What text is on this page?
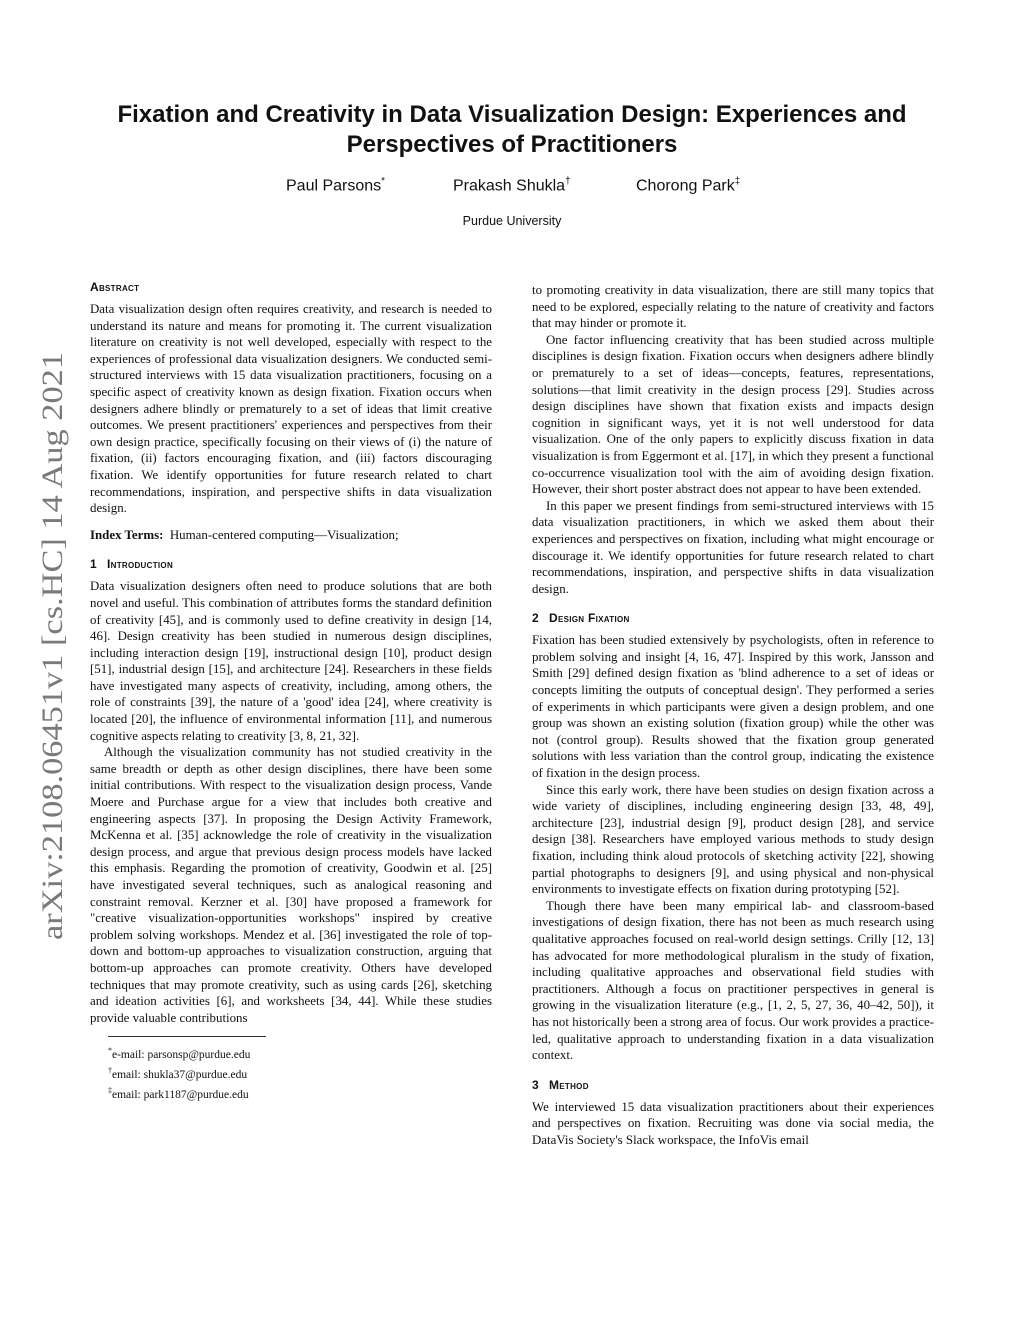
arXiv:2108.06451v1 [cs.HC] 14 Aug 2021
Fixation and Creativity in Data Visualization Design: Experiences and Perspectives of Practitioners
Paul Parsons*	Prakash Shukla†	Chorong Park‡
Purdue University
Abstract

Data visualization design often requires creativity, and research is needed to understand its nature and means for promoting it. The current visualization literature on creativity is not well developed, especially with respect to the experiences of professional data visualization designers. We conducted semi-structured interviews with 15 data visualization practitioners, focusing on a specific aspect of creativity known as design fixation. Fixation occurs when designers adhere blindly or prematurely to a set of ideas that limit creative outcomes. We present practitioners' experiences and perspectives from their own design practice, specifically focusing on their views of (i) the nature of fixation, (ii) factors encouraging fixation, and (iii) factors discouraging fixation. We identify opportunities for future research related to chart recommendations, inspiration, and perspective shifts in data visualization design.

Index Terms: Human-centered computing—Visualization;

1 Introduction

Data visualization designers often need to produce solutions that are both novel and useful. This combination of attributes forms the standard definition of creativity [45], and is commonly used to define creativity in design [14, 46]. Design creativity has been studied in numerous design disciplines, including interaction design [19], instructional design [10], product design [51], industrial design [15], and architecture [24]. Researchers in these fields have investigated many aspects of creativity, including, among others, the role of constraints [39], the nature of a 'good' idea [24], where creativity is located [20], the influence of environmental information [11], and numerous cognitive aspects relating to creativity [3, 8, 21, 32].

Although the visualization community has not studied creativity in the same breadth or depth as other design disciplines, there have been some initial contributions. With respect to the visualization design process, Vande Moere and Purchase argue for a view that includes both creative and engineering aspects [37]. In proposing the Design Activity Framework, McKenna et al. [35] acknowledge the role of creativity in the visualization design process, and argue that previous design process models have lacked this emphasis. Regarding the promotion of creativity, Goodwin et al. [25] have investigated several techniques, such as analogical reasoning and constraint removal. Kerzner et al. [30] have proposed a framework for "creative visualization-opportunities workshops" inspired by creative problem solving workshops. Mendez et al. [36] investigated the role of top-down and bottom-up approaches to visualization construction, arguing that bottom-up approaches can promote creativity. Others have developed techniques that may promote creativity, such as using cards [26], sketching and ideation activities [6], and worksheets [34, 44]. While these studies provide valuable contributions

*e-mail: parsonsp@purdue.edu
†email: shukla37@purdue.edu
‡email: park1187@purdue.edu

to promoting creativity in data visualization, there are still many topics that need to be explored, especially relating to the nature of creativity and factors that may hinder or promote it.

One factor influencing creativity that has been studied across multiple disciplines is design fixation. Fixation occurs when designers adhere blindly or prematurely to a set of ideas—concepts, features, representations, solutions—that limit creativity in the design process [29]. Studies across design disciplines have shown that fixation exists and impacts design cognition in significant ways, yet it is not well understood for data visualization. One of the only papers to explicitly discuss fixation in data visualization is from Eggermont et al. [17], in which they present a functional co-occurrence visualization tool with the aim of avoiding design fixation. However, their short poster abstract does not appear to have been extended.

In this paper we present findings from semi-structured interviews with 15 data visualization practitioners, in which we asked them about their experiences and perspectives on fixation, including what might encourage or discourage it. We identify opportunities for future research related to chart recommendations, inspiration, and perspective shifts in data visualization design.

2 Design Fixation

Fixation has been studied extensively by psychologists, often in reference to problem solving and insight [4, 16, 47]. Inspired by this work, Jansson and Smith [29] defined design fixation as 'blind adherence to a set of ideas or concepts limiting the outputs of conceptual design'. They performed a series of experiments in which participants were given a design problem, and one group was shown an existing solution (fixation group) while the other was not (control group). Results showed that the fixation group generated solutions with less variation than the control group, indicating the existence of fixation in the design process.

Since this early work, there have been studies on design fixation across a wide variety of disciplines, including engineering design [33, 48, 49], architecture [23], industrial design [9], product design [28], and service design [38]. Researchers have employed various methods to study design fixation, including think aloud protocols of sketching activity [22], showing partial photographs to designers [9], and using physical and non-physical environments to investigate effects on fixation during prototyping [52].

Though there have been many empirical lab- and classroom-based investigations of design fixation, there has not been as much research using qualitative approaches focused on real-world design settings. Crilly [12, 13] has advocated for more methodological pluralism in the study of fixation, including qualitative approaches and observational field studies with practitioners. Although a focus on practitioner perspectives in general is growing in the visualization literature (e.g., [1, 2, 5, 27, 36, 40–42, 50]), it has not historically been a strong area of focus. Our work provides a practice-led, qualitative approach to understanding fixation in a data visualization context.

3 Method

We interviewed 15 data visualization practitioners about their experiences and perspectives on fixation. Recruiting was done via social media, the DataVis Society's Slack workspace, the InfoVis email
